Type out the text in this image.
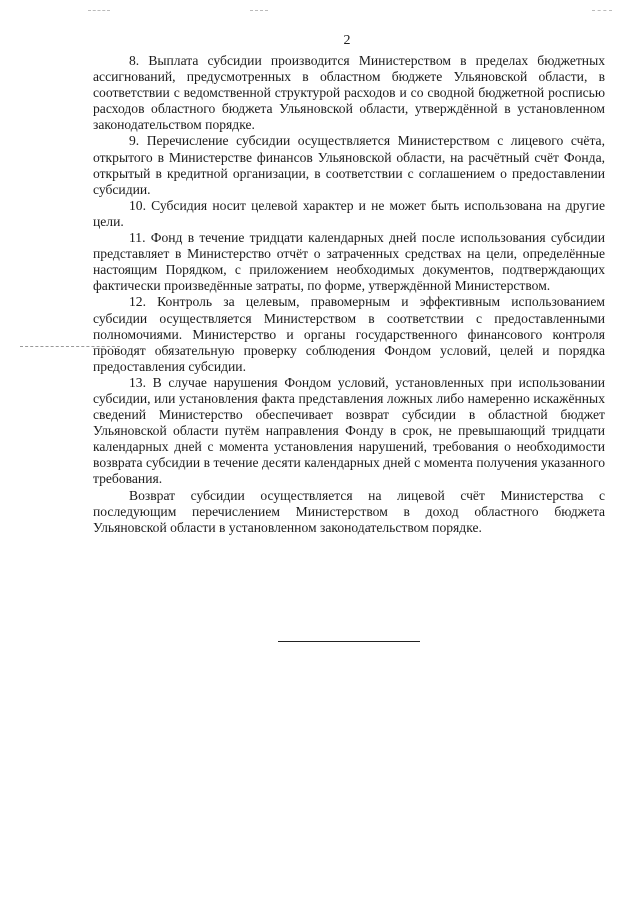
2

8. Выплата субсидии производится Министерством в пределах бюджетных ассигнований, предусмотренных в областном бюджете Ульяновской области, в соответствии с ведомственной структурой расходов и со сводной бюджетной росписью расходов областного бюджета Ульяновской области, утверждённой в установленном законодательством порядке.

9. Перечисление субсидии осуществляется Министерством с лицевого счёта, открытого в Министерстве финансов Ульяновской области, на расчётный счёт Фонда, открытый в кредитной организации, в соответствии с соглашением о предоставлении субсидии.

10. Субсидия носит целевой характер и не может быть использована на другие цели.

11. Фонд в течение тридцати календарных дней после использования субсидии представляет в Министерство отчёт о затраченных средствах на цели, определённые настоящим Порядком, с приложением необходимых документов, подтверждающих фактически произведённые затраты, по форме, утверждённой Министерством.

12. Контроль за целевым, правомерным и эффективным использованием субсидии осуществляется Министерством в соответствии с предоставленными полномочиями. Министерство и органы государственного финансового контроля проводят обязательную проверку соблюдения Фондом условий, целей и порядка предоставления субсидии.

13. В случае нарушения Фондом условий, установленных при использовании субсидии, или установления факта представления ложных либо намеренно искажённых сведений Министерство обеспечивает возврат субсидии в областной бюджет Ульяновской области путём направления Фонду в срок, не превышающий тридцати календарных дней с момента установления нарушений, требования о необходимости возврата субсидии в течение десяти календарных дней с момента получения указанного требования.

Возврат субсидии осуществляется на лицевой счёт Министерства с последующим перечислением Министерством в доход областного бюджета Ульяновской области в установленном законодательством порядке.
